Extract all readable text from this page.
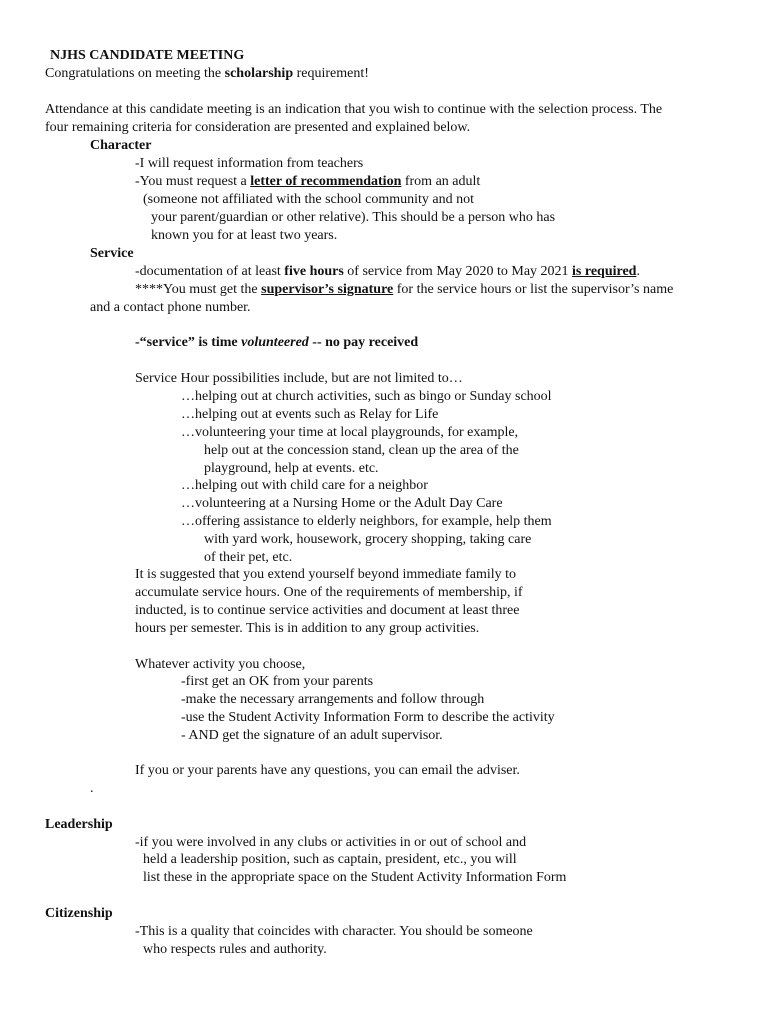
NJHS CANDIDATE MEETING
Congratulations on meeting the scholarship requirement!
Attendance at this candidate meeting is an indication that you wish to continue with the selection process. The
four remaining criteria for consideration are presented and explained below.
Character
-I will request information from teachers
-You must request a letter of recommendation from an adult
(someone not affiliated with the school community and not
your parent/guardian or other relative). This should be a person who has
known you for at least two years.
Service
-documentation of at least five hours of service from May 2020 to May 2021 is required.
****You must get the supervisor’s signature for the service hours or list the supervisor’s name
and a contact phone number.
-“service” is time volunteered -- no pay received
Service Hour possibilities include, but are not limited to…
…helping out at church activities, such as bingo or Sunday school
…helping out at events such as Relay for Life
…volunteering your time at local playgrounds, for example,
help out at the concession stand, clean up the area of the
playground, help at events. etc.
…helping out with child care for a neighbor
…volunteering at a Nursing Home or the Adult Day Care
…offering assistance to elderly neighbors, for example, help them
with yard work, housework, grocery shopping, taking care
of their pet, etc.
It is suggested that you extend yourself beyond immediate family to
accumulate service hours. One of the requirements of membership, if
inducted, is to continue service activities and document at least three
hours per semester. This is in addition to any group activities.
Whatever activity you choose,
-first get an OK from your parents
-make the necessary arrangements and follow through
-use the Student Activity Information Form to describe the activity
- AND get the signature of an adult supervisor.
If you or your parents have any questions, you can email the adviser.
.
Leadership
-if you were involved in any clubs or activities in or out of school and
held a leadership position, such as captain, president, etc., you will
list these in the appropriate space on the Student Activity Information Form
Citizenship
-This is a quality that coincides with character. You should be someone
who respects rules and authority.
